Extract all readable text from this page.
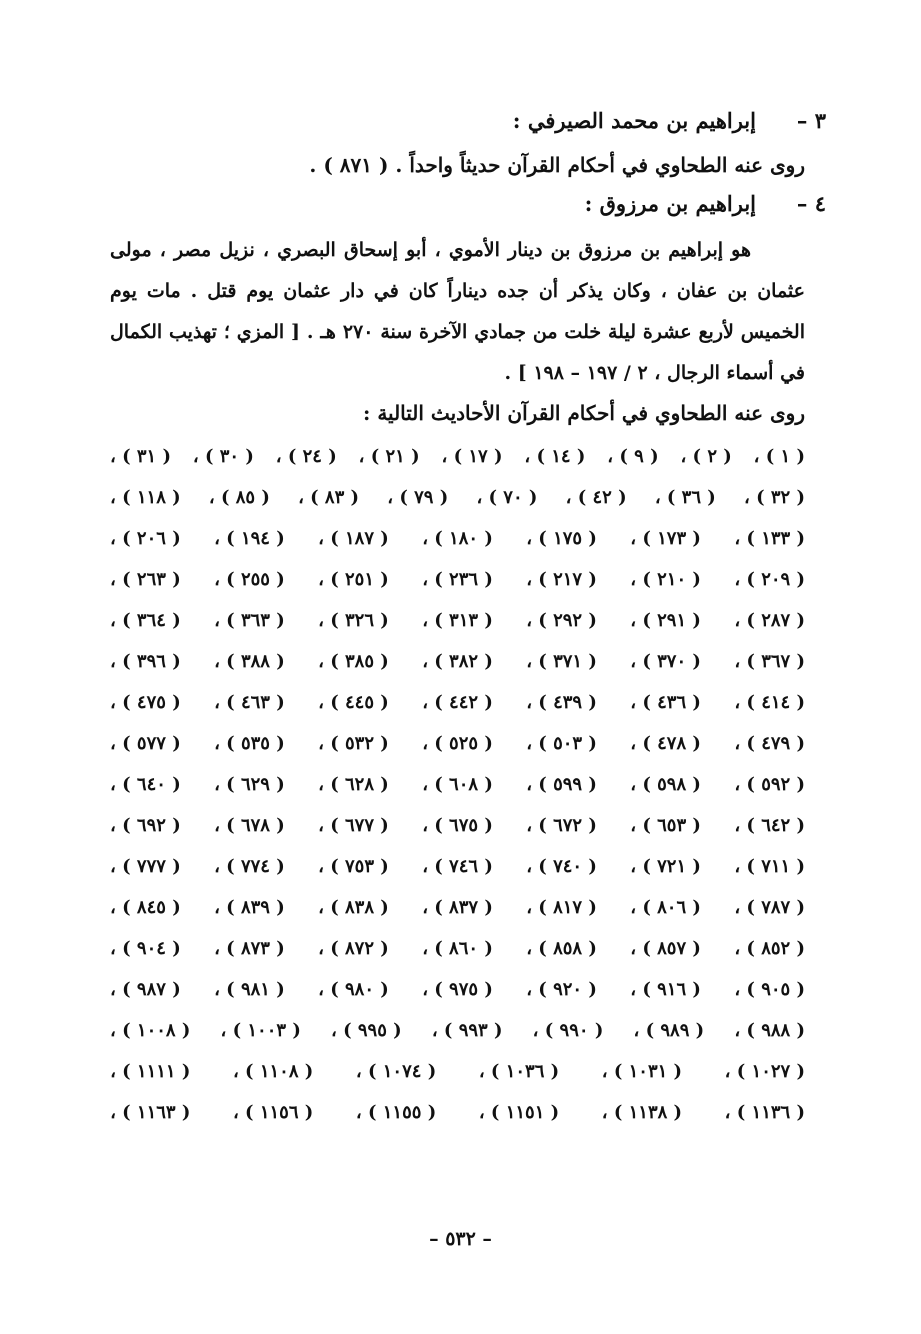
٣ –
إبراهيم بن محمد الصيرفي :
روى عنه الطحاوي في أحكام القرآن حديثاً واحداً . ( ٨٧١ ) .
٤ –
إبراهيم بن مرزوق :
هو إبراهيم بن مرزوق بن دينار الأموي ، أبو إسحاق البصري ، نزيل مصر ، مولى عثمان بن عفان ، وكان يذكر أن جده ديناراً كان في دار عثمان يوم قتل . مات يوم الخميس لأربع عشرة ليلة خلت من جمادي الآخرة سنة ٢٧٠ هـ . [ المزي ؛ تهذيب الكمال في أسماء الرجال ، ٢ / ١٩٧ – ١٩٨ ] .
روى عنه الطحاوي في أحكام القرآن الأحاديث التالية :
( ١ ) ،
( ٢ ) ،
( ٩ ) ،
( ١٤ ) ،
( ١٧ ) ،
( ٢١ ) ،
( ٢٤ ) ،
( ٣٠ ) ،
( ٣١ ) ،
( ٣٢ ) ،
( ٣٦ ) ،
( ٤٢ ) ،
( ٧٠ ) ،
( ٧٩ ) ،
( ٨٣ ) ،
( ٨٥ ) ،
( ١١٨ ) ،
( ١٣٣ ) ،
( ١٧٣ ) ،
( ١٧٥ ) ،
( ١٨٠ ) ،
( ١٨٧ ) ،
( ١٩٤ ) ،
( ٢٠٦ ) ،
( ٢٠٩ ) ،
( ٢١٠ ) ،
( ٢١٧ ) ،
( ٢٣٦ ) ،
( ٢٥١ ) ،
( ٢٥٥ ) ،
( ٢٦٣ ) ،
( ٢٨٧ ) ،
( ٢٩١ ) ،
( ٢٩٢ ) ،
( ٣١٣ ) ،
( ٣٢٦ ) ،
( ٣٦٣ ) ،
( ٣٦٤ ) ،
( ٣٦٧ ) ،
( ٣٧٠ ) ،
( ٣٧١ ) ،
( ٣٨٢ ) ،
( ٣٨٥ ) ،
( ٣٨٨ ) ،
( ٣٩٦ ) ،
( ٤١٤ ) ،
( ٤٣٦ ) ،
( ٤٣٩ ) ،
( ٤٤٢ ) ،
( ٤٤٥ ) ،
( ٤٦٣ ) ،
( ٤٧٥ ) ،
( ٤٧٩ ) ،
( ٤٧٨ ) ،
( ٥٠٣ ) ،
( ٥٢٥ ) ،
( ٥٣٢ ) ،
( ٥٣٥ ) ،
( ٥٧٧ ) ،
( ٥٩٢ ) ،
( ٥٩٨ ) ،
( ٥٩٩ ) ،
( ٦٠٨ ) ،
( ٦٢٨ ) ،
( ٦٢٩ ) ،
( ٦٤٠ ) ،
( ٦٤٢ ) ،
( ٦٥٣ ) ،
( ٦٧٢ ) ،
( ٦٧٥ ) ،
( ٦٧٧ ) ،
( ٦٧٨ ) ،
( ٦٩٢ ) ،
( ٧١١ ) ،
( ٧٢١ ) ،
( ٧٤٠ ) ،
( ٧٤٦ ) ،
( ٧٥٣ ) ،
( ٧٧٤ ) ،
( ٧٧٧ ) ،
( ٧٨٧ ) ،
( ٨٠٦ ) ،
( ٨١٧ ) ،
( ٨٣٧ ) ،
( ٨٣٨ ) ،
( ٨٣٩ ) ،
( ٨٤٥ ) ،
( ٨٥٢ ) ،
( ٨٥٧ ) ،
( ٨٥٨ ) ،
( ٨٦٠ ) ،
( ٨٧٢ ) ،
( ٨٧٣ ) ،
( ٩٠٤ ) ،
( ٩٠٥ ) ،
( ٩١٦ ) ،
( ٩٢٠ ) ،
( ٩٧٥ ) ،
( ٩٨٠ ) ،
( ٩٨١ ) ،
( ٩٨٧ ) ،
( ٩٨٨ ) ،
( ٩٨٩ ) ،
( ٩٩٠ ) ،
( ٩٩٣ ) ،
( ٩٩٥ ) ،
( ١٠٠٣ ) ،
( ١٠٠٨ ) ،
( ١٠٢٧ ) ،
( ١٠٣١ ) ،
( ١٠٣٦ ) ،
( ١٠٧٤ ) ،
( ١١٠٨ ) ،
( ١١١١ ) ،
( ١١٣٦ ) ،
( ١١٣٨ ) ،
( ١١٥١ ) ،
( ١١٥٥ ) ،
( ١١٥٦ ) ،
( ١١٦٣ ) ،
– ٥٣٢ –
